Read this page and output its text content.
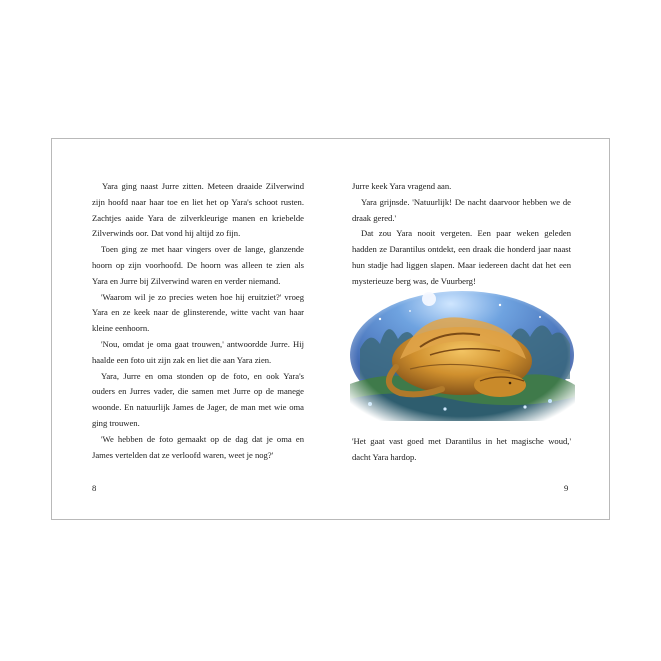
Yara ging naast Jurre zitten. Meteen draaide Zilverwind zijn hoofd naar haar toe en liet het op Yara's schoot rusten. Zachtjes aaide Yara de zilverkleurige manen en kriebelde Zilverwinds oor. Dat vond hij altijd zo fijn.

Toen ging ze met haar vingers over de lange, glanzende hoorn op zijn voorhoofd. De hoorn was alleen te zien als Yara en Jurre bij Zilverwind waren en verder niemand.

'Waarom wil je zo precies weten hoe hij eruitziet?' vroeg Yara en ze keek naar de glinsterende, witte vacht van haar kleine eenhoorn.

'Nou, omdat je oma gaat trouwen,' antwoordde Jurre. Hij haalde een foto uit zijn zak en liet die aan Yara zien.

Yara, Jurre en oma stonden op de foto, en ook Yara's ouders en Jurres vader, die samen met Jurre op de manege woonde. En natuurlijk James de Jager, de man met wie oma ging trouwen.

'We hebben de foto gemaakt op de dag dat je oma en James vertelden dat ze verloofd waren, weet je nog?'

8

Jurre keek Yara vragend aan.

Yara grijnsde. 'Natuurlijk! De nacht daarvoor hebben we de draak gered.'

Dat zou Yara nooit vergeten. Een paar weken geleden hadden ze Darantilus ontdekt, een draak die honderd jaar naast hun stadje had liggen slapen. Maar iedereen dacht dat het een mysterieuze berg was, de Vuurberg!

'Het gaat vast goed met Darantilus in het magische woud,' dacht Yara hardop.

9
